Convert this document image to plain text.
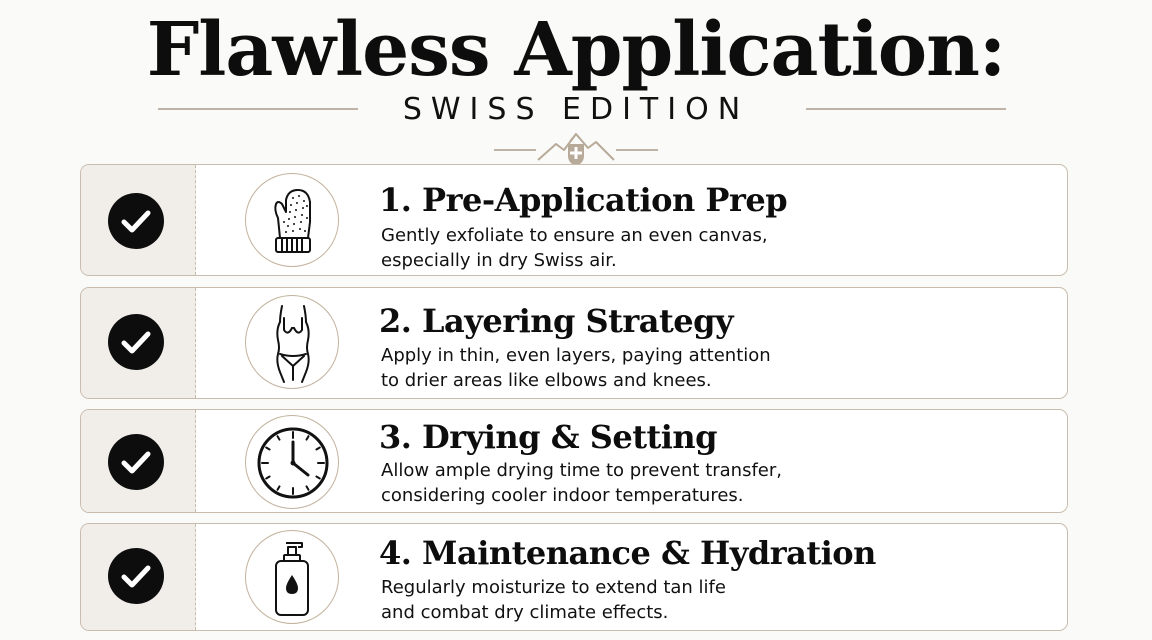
Flawless Application:
SWISS EDITION
1. Pre-Application Prep
Gently exfoliate to ensure an even canvas,
especially in dry Swiss air.
2. Layering Strategy
Apply in thin, even layers, paying attention
to drier areas like elbows and knees.
3. Drying & Setting
Allow ample drying time to prevent transfer,
considering cooler indoor temperatures.
4. Maintenance & Hydration
Regularly moisturize to extend tan life
and combat dry climate effects.
